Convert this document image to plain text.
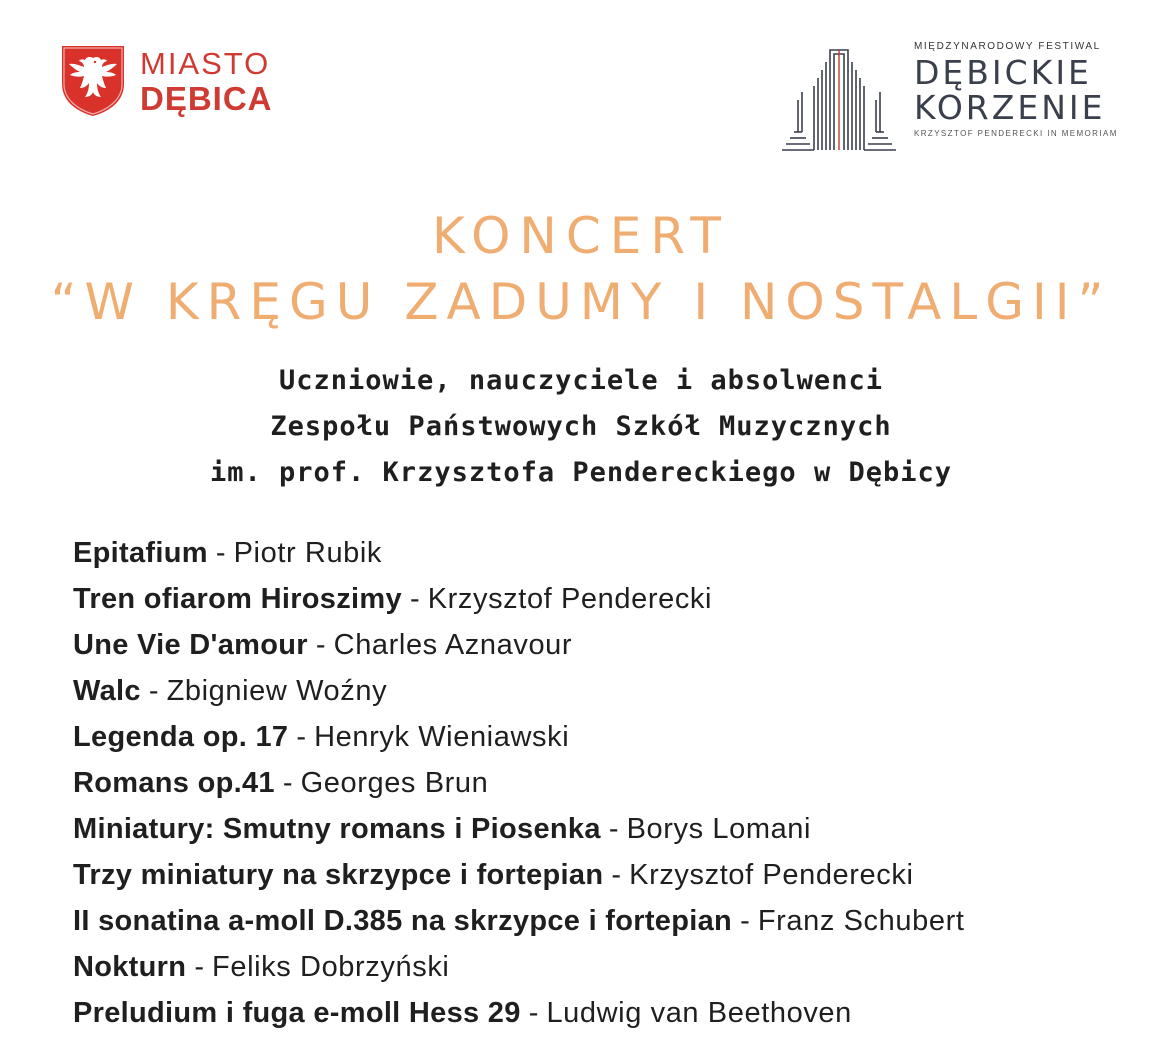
MIASTO
DĘBICA
MIĘDZYNARODOWY FESTIWAL
DĘBICKIE
KORZENIE
KRZYSZTOF PENDERECKI IN MEMORIAM
KONCERT
“W KRĘGU ZADUMY I NOSTALGII”
Uczniowie, nauczyciele i absolwenci
Zespołu Państwowych Szkół Muzycznych
im. prof. Krzysztofa Pendereckiego w Dębicy
Epitafium - Piotr Rubik
Tren ofiarom Hiroszimy - Krzysztof Penderecki
Une Vie D'amour - Charles Aznavour
Walc - Zbigniew Woźny
Legenda op. 17 - Henryk Wieniawski
Romans op.41 - Georges Brun
Miniatury: Smutny romans i Piosenka - Borys Lomani
Trzy miniatury na skrzypce i fortepian - Krzysztof Penderecki
II sonatina a-moll D.385 na skrzypce i fortepian - Franz Schubert
Nokturn - Feliks Dobrzyński
Preludium i fuga e-moll Hess 29 - Ludwig van Beethoven
